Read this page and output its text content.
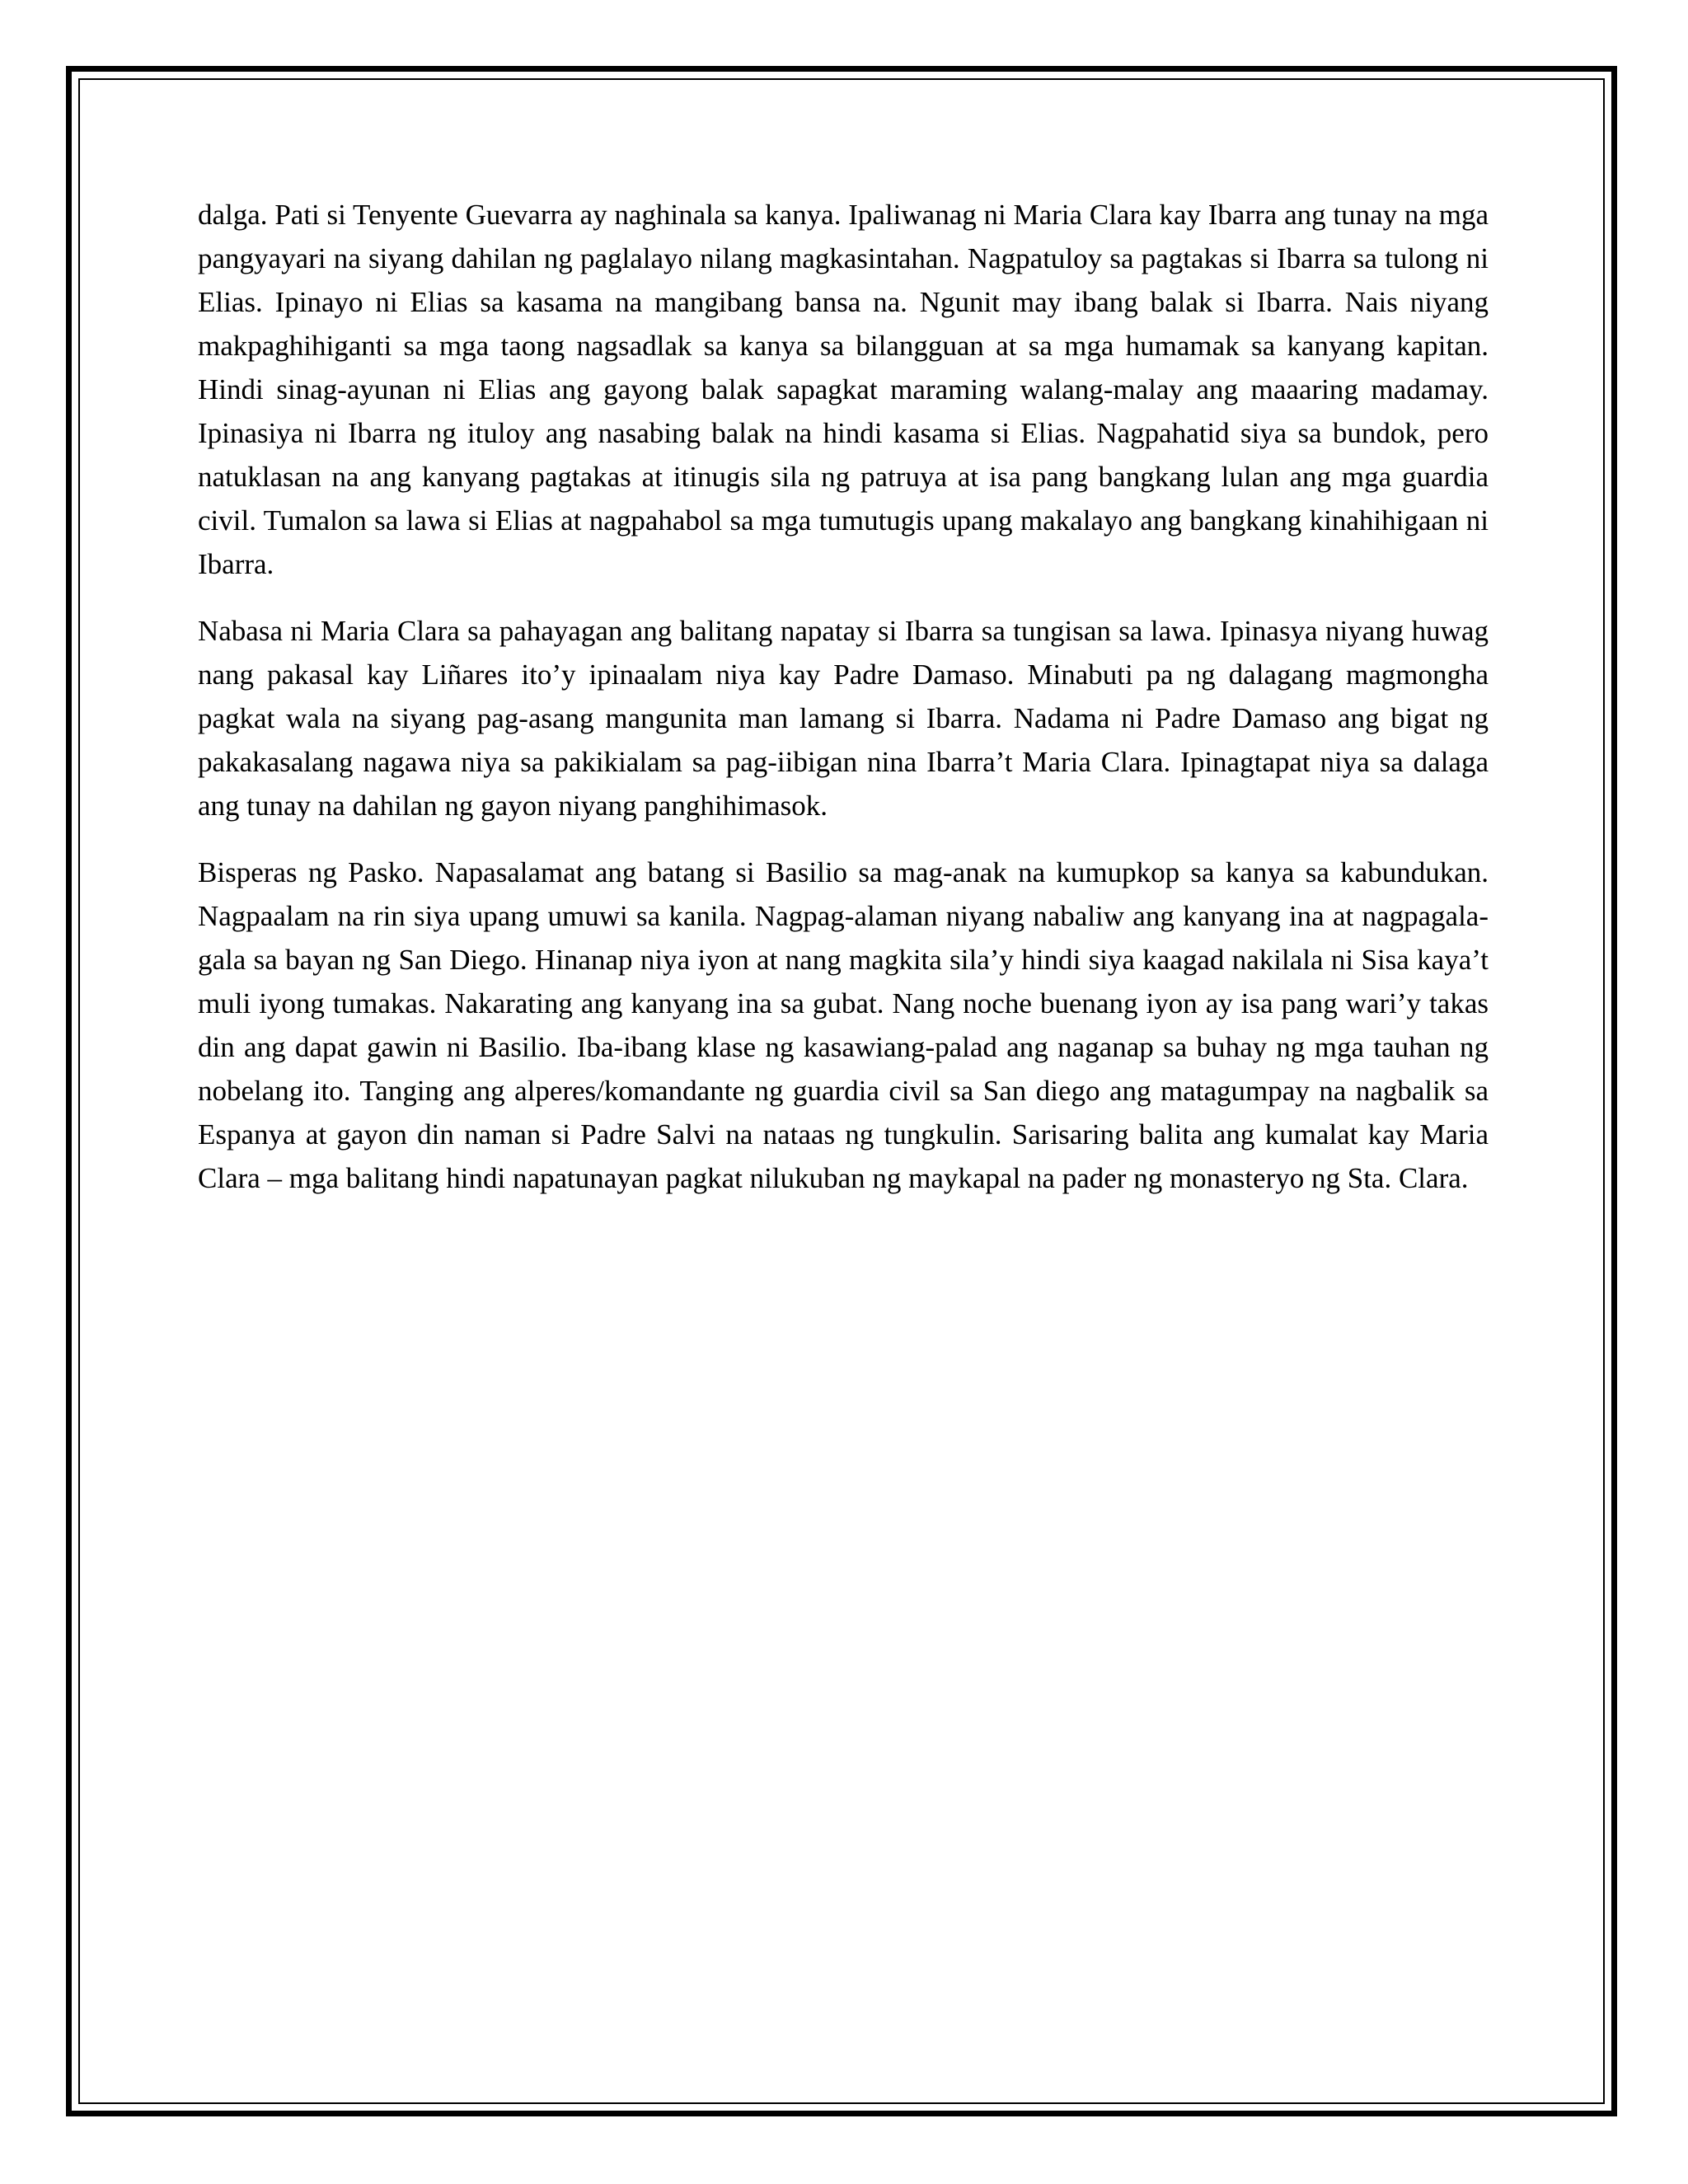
dalga. Pati si Tenyente Guevarra ay naghinala sa kanya. Ipaliwanag ni Maria Clara kay Ibarra ang tunay na mga pangyayari na siyang dahilan ng paglalayo nilang magkasintahan. Nagpatuloy sa pagtakas si Ibarra sa tulong ni Elias. Ipinayo ni Elias sa kasama na mangibang bansa na. Ngunit may ibang balak si Ibarra. Nais niyang makpaghihiganti sa mga taong nagsadlak sa kanya sa bilangguan at sa mga humamak sa kanyang kapitan. Hindi sinag-ayunan ni Elias ang gayong balak sapagkat maraming walang-malay ang maaaring madamay. Ipinasiya ni Ibarra ng ituloy ang nasabing balak na hindi kasama si Elias. Nagpahatid siya sa bundok, pero natuklasan na ang kanyang pagtakas at itinugis sila ng patruya at isa pang bangkang lulan ang mga guardia civil. Tumalon sa lawa si Elias at nagpahabol sa mga tumutugis upang makalayo ang bangkang kinahihigaan ni Ibarra.

Nabasa ni Maria Clara sa pahayagan ang balitang napatay si Ibarra sa tungisan sa lawa. Ipinasya niyang huwag nang pakasal kay Liñares ito’y ipinaalam niya kay Padre Damaso. Minabuti pa ng dalagang magmongha pagkat wala na siyang pag-asang mangunita man lamang si Ibarra. Nadama ni Padre Damaso ang bigat ng pakakasalang nagawa niya sa pakikialam sa pag-iibigan nina Ibarra’t Maria Clara. Ipinagtapat niya sa dalaga ang tunay na dahilan ng gayon niyang panghihimasok.

Bisperas ng Pasko. Napasalamat ang batang si Basilio sa mag-anak na kumupkop sa kanya sa kabundukan. Nagpaalam na rin siya upang umuwi sa kanila. Nagpag-alaman niyang nabaliw ang kanyang ina at nagpagala-gala sa bayan ng San Diego. Hinanap niya iyon at nang magkita sila’y hindi siya kaagad nakilala ni Sisa kaya’t muli iyong tumakas. Nakarating ang kanyang ina sa gubat. Nang noche buenang iyon ay isa pang wari’y takas din ang dapat gawin ni Basilio. Iba-ibang klase ng kasawiang-palad ang naganap sa buhay ng mga tauhan ng nobelang ito. Tanging ang alperes/komandante ng guardia civil sa San diego ang matagumpay na nagbalik sa Espanya at gayon din naman si Padre Salvi na nataas ng tungkulin. Sarisaring balita ang kumalat kay Maria Clara – mga balitang hindi napatunayan pagkat nilukuban ng maykapal na pader ng monasteryo ng Sta. Clara.
